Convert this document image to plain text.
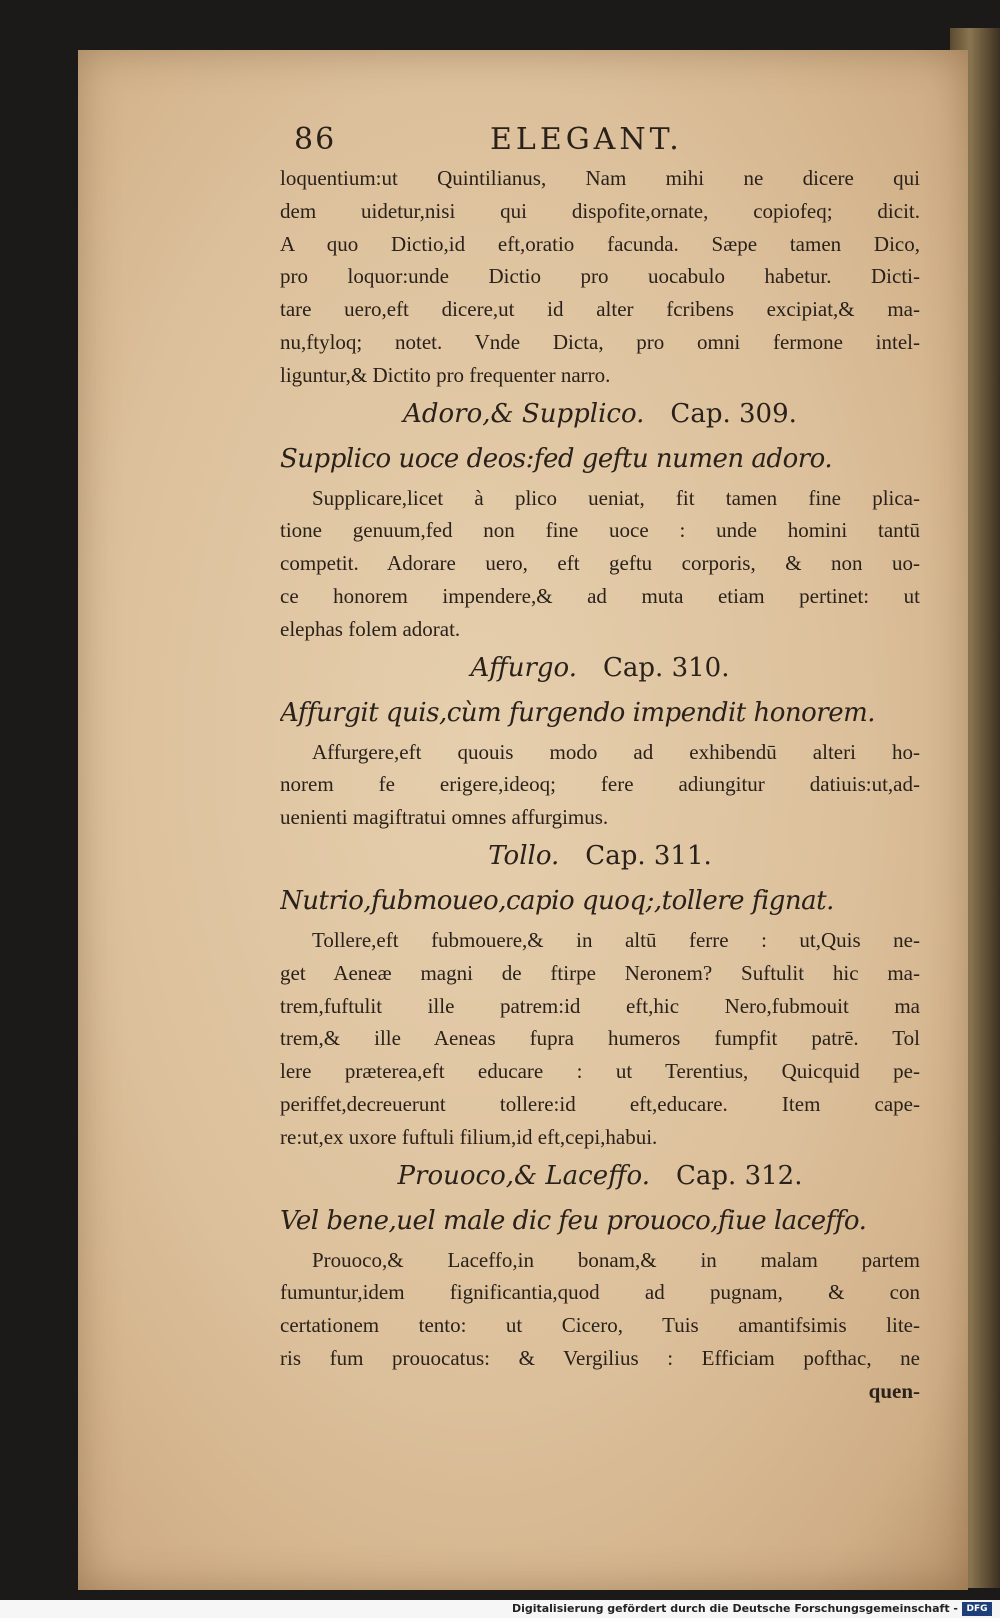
86	ELEGANT.
loquentium:ut Quintilianus, Nam mihi ne dicere qui
dem uidetur,nisi qui dispofite,ornate, copiofeq; dicit.
A quo Dictio,id eft,oratio facunda. Sæpe tamen Dico,
pro loquor:unde Dictio pro uocabulo habetur. Dicti-
tare uero,eft dicere,ut id alter fcribens excipiat,& ma-
nu,ftyloq; notet. Vnde Dicta, pro omni fermone intel-
liguntur,& Dictito pro frequenter narro.
Adoro,& Supplico. Cap. 309.
Supplico uoce deos:fed geftu numen adoro.
Supplicare,licet à plico ueniat, fit tamen fine plica-
tione genuum,fed non fine uoce : unde homini tantū
competit. Adorare uero, eft geftu corporis, & non uo-
ce honorem impendere,& ad muta etiam pertinet: ut
elephas folem adorat.
Affurgo. Cap. 310.
Affurgit quis,cùm furgendo impendit honorem.
Affurgere,eft quouis modo ad exhibendū alteri ho-
norem fe erigere,ideoq; fere adiungitur datiuis:ut,ad-
uenienti magiftratui omnes affurgimus.
Tollo. Cap. 311.
Nutrio,fubmoueo,capio quoq;,tollere fignat.
Tollere,eft fubmouere,& in altū ferre : ut,Quis ne-
get Aeneæ magni de ftirpe Neronem? Suftulit hic ma-
trem,fuftulit ille patrem:id eft,hic Nero,fubmouit ma
trem,& ille Aeneas fupra humeros fumpfit patrē. Tol
lere præterea,eft educare : ut Terentius, Quicquid pe-
periffet,decreuerunt tollere:id eft,educare. Item cape-
re:ut,ex uxore fuftuli filium,id eft,cepi,habui.
Prouoco,& Laceffo. Cap. 312.
Vel bene,uel male dic feu prouoco,fiue laceffo.
Prouoco,& Laceffo,in bonam,& in malam partem
fumuntur,idem fignificantia,quod ad pugnam, & con
certationem tento: ut Cicero, Tuis amantifsimis lite-
ris fum prouocatus: & Vergilius : Efficiam pofthac, ne
quen-
Digitalisierung gefördert durch die Deutsche Forschungsgemeinschaft - DFG
